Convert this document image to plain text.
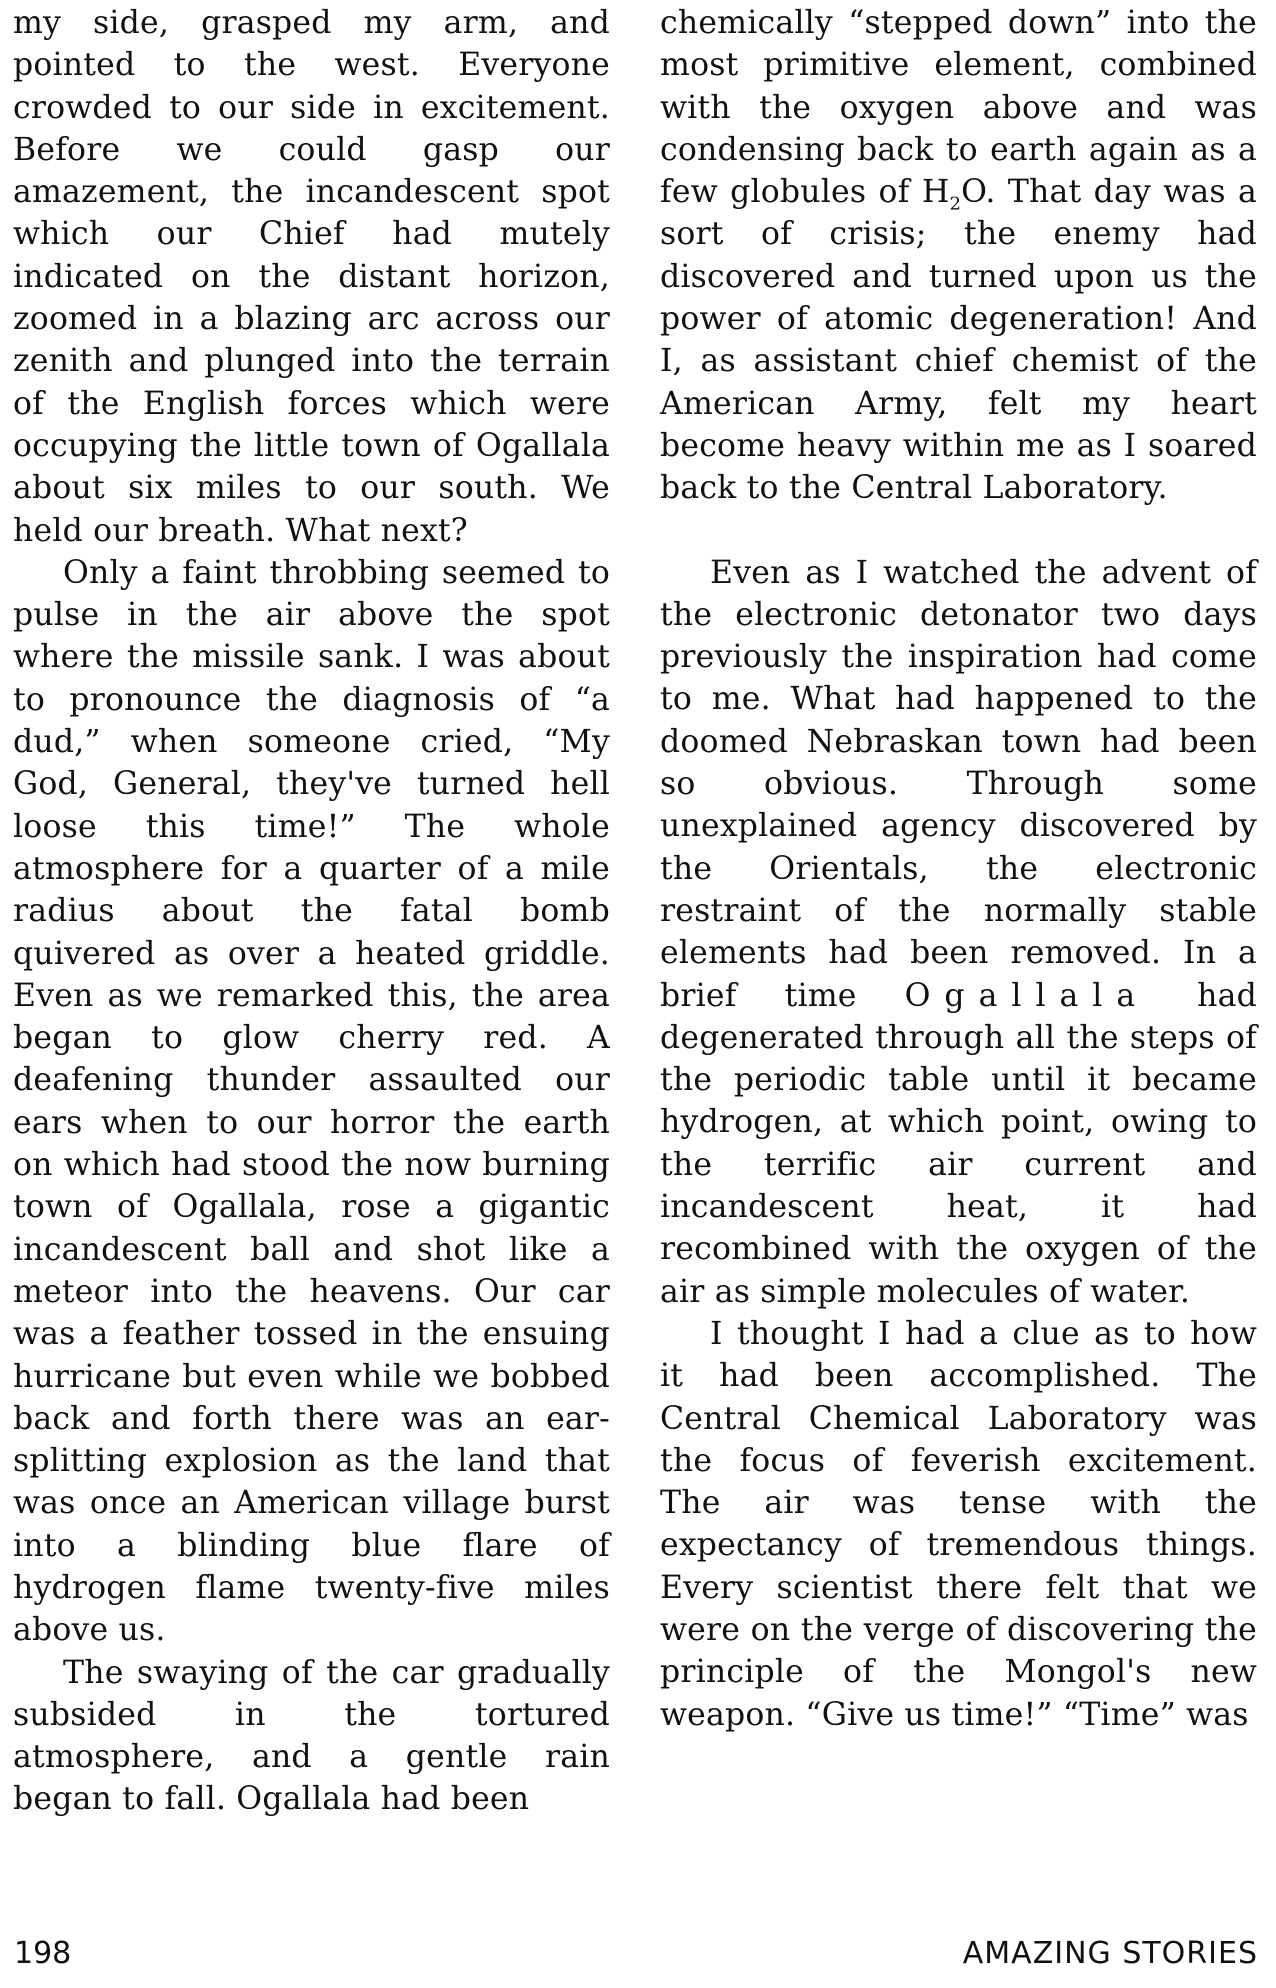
my side, grasped my arm, and pointed to the west. Everyone crowded to our side in excitement. Before we could gasp our amazement, the incandescent spot which our Chief had mutely indicated on the distant horizon, zoomed in a blazing arc across our zenith and plunged into the terrain of the English forces which were occupying the little town of Ogallala about six miles to our south. We held our breath. What next?

Only a faint throbbing seemed to pulse in the air above the spot where the missile sank. I was about to pronounce the diagnosis of “a dud,” when someone cried, “My God, General, they've turned hell loose this time!” The whole atmosphere for a quarter of a mile radius about the fatal bomb quivered as over a heated griddle. Even as we remarked this, the area began to glow cherry red. A deafening thunder assaulted our ears when to our horror the earth on which had stood the now burning town of Ogallala, rose a gigantic incandescent ball and shot like a meteor into the heavens. Our car was a feather tossed in the ensuing hurricane but even while we bobbed back and forth there was an ear-splitting explosion as the land that was once an American village burst into a blinding blue flare of hydrogen flame twenty-five miles above us.

The swaying of the car gradually subsided in the tortured atmosphere, and a gentle rain began to fall. Ogallala had been

chemically “stepped down” into the most primitive element, combined with the oxygen above and was condensing back to earth again as a few globules of $H_2O$. That day was a sort of crisis; the enemy had discovered and turned upon us the power of atomic degeneration! And I, as assistant chief chemist of the American Army, felt my heart become heavy within me as I soared back to the Central Laboratory.

Even as I watched the advent of the electronic detonator two days previously the inspiration had come to me. What had happened to the doomed Nebraskan town had been so obvious. Through some unexplained agency discovered by the Orientals, the electronic restraint of the normally stable elements had been removed. In a brief time Ogallala had degenerated through all the steps of the periodic table until it became hydrogen, at which point, owing to the terrific air current and incandescent heat, it had recombined with the oxygen of the air as simple molecules of water.

I thought I had a clue as to how it had been accomplished. The Central Chemical Laboratory was the focus of feverish excitement. The air was tense with the expectancy of tremendous things. Every scientist there felt that we were on the verge of discovering the principle of the Mongol's new weapon. “Give us time!” “Time” was

198	AMAZING STORIES
